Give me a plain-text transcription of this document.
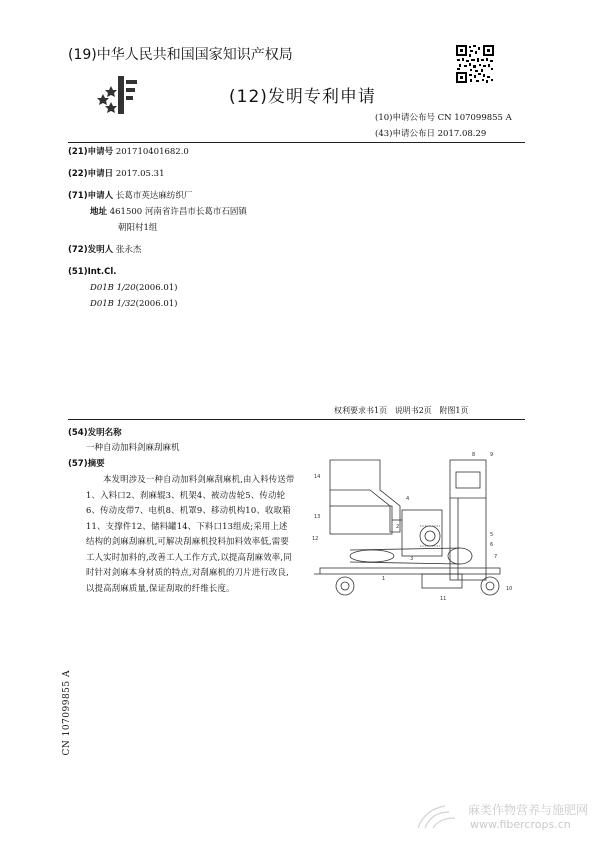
(19)中华人民共和国国家知识产权局
(12)发明专利申请
(10)申请公布号 CN 107099855 A
(43)申请公布日 2017.08.29
(21)申请号 201710401682.0
(22)申请日 2017.05.31
(71)申请人 长葛市英达麻纺织厂
地址 461500 河南省许昌市长葛市石固镇
朝阳村1组
(72)发明人 张永杰
(51)Int.Cl.
D01B 1/20(2006.01)
D01B 1/32(2006.01)
权利要求书1页   说明书2页   附图1页
(54)发明名称
一种自动加料剑麻刮麻机
(57)摘要
本发明涉及一种自动加料剑麻刮麻机,由入料传送带1、入料口2、刹麻辊3、机架4、被动齿轮5、传动轮6、传动皮带7、电机8、机罩9、移动机构10、收取箱11、支撑件12、储料罐14、下料口13组成;采用上述结构的剑麻刮麻机,可解决刮麻机投料加料效率低,需要工人实时加料的,改善工人工作方式,以提高刮麻效率,同时针对剑麻本身材质的特点,对刮麻机的刀片进行改良,以提高刮麻质量,保证刮取的纤维长度。
14
13
12
4
2
3
1
9
8
5
6
7
10
11
CN 107099855 A
麻类作物营养与施肥网
www.fibercrops.cn
